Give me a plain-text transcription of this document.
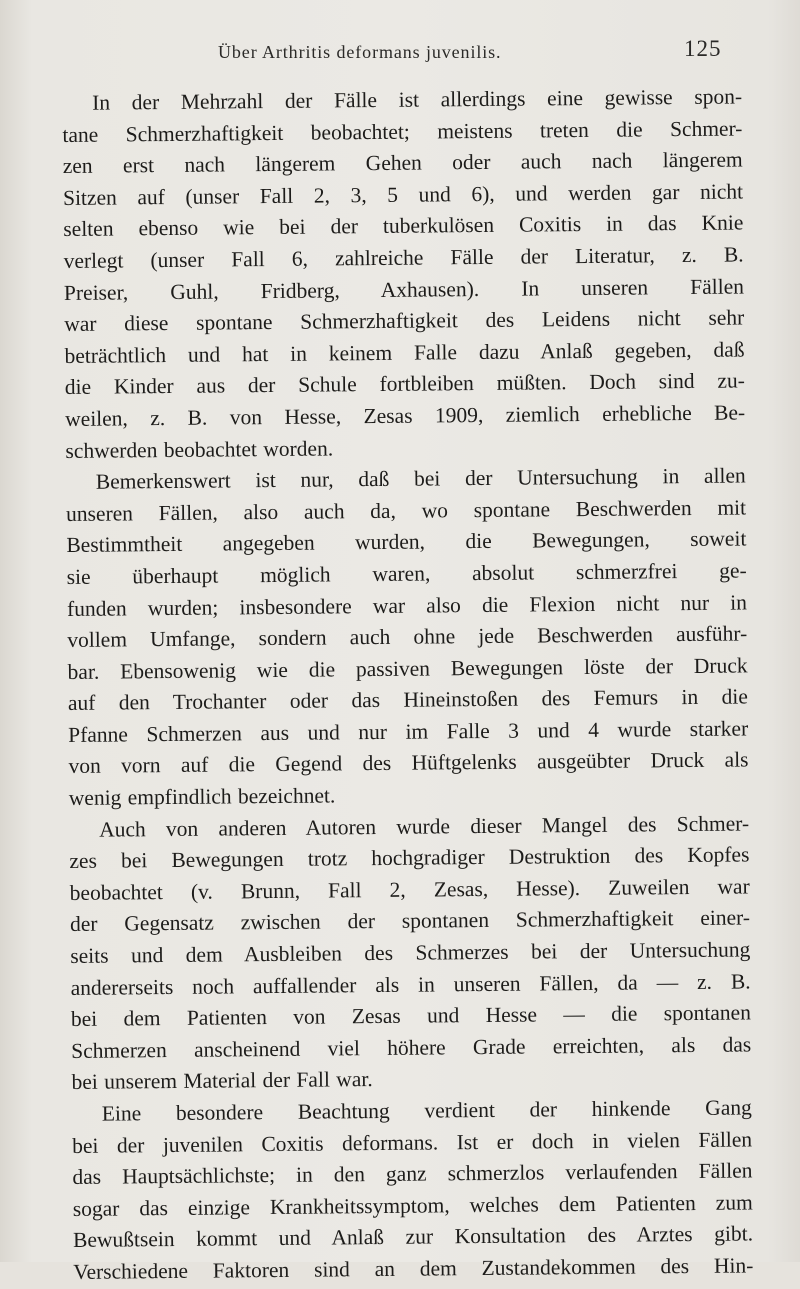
Über Arthritis deformans juvenilis.	125
In der Mehrzahl der Fälle ist allerdings eine gewisse spon-
tane Schmerzhaftigkeit beobachtet; meistens treten die Schmer-
zen erst nach längerem Gehen oder auch nach längerem
Sitzen auf (unser Fall 2, 3, 5 und 6), und werden gar nicht
selten ebenso wie bei der tuberkulösen Coxitis in das Knie
verlegt (unser Fall 6, zahlreiche Fälle der Literatur, z. B.
Preiser, Guhl, Fridberg, Axhausen). In unseren Fällen
war diese spontane Schmerzhaftigkeit des Leidens nicht sehr
beträchtlich und hat in keinem Falle dazu Anlaß gegeben, daß
die Kinder aus der Schule fortbleiben müßten. Doch sind zu-
weilen, z. B. von Hesse, Zesas 1909, ziemlich erhebliche Be-
schwerden beobachtet worden.
Bemerkenswert ist nur, daß bei der Untersuchung in allen
unseren Fällen, also auch da, wo spontane Beschwerden mit
Bestimmtheit angegeben wurden, die Bewegungen, soweit
sie überhaupt möglich waren, absolut schmerzfrei ge-
funden wurden; insbesondere war also die Flexion nicht nur in
vollem Umfange, sondern auch ohne jede Beschwerden ausführ-
bar. Ebensowenig wie die passiven Bewegungen löste der Druck
auf den Trochanter oder das Hineinstoßen des Femurs in die
Pfanne Schmerzen aus und nur im Falle 3 und 4 wurde starker
von vorn auf die Gegend des Hüftgelenks ausgeübter Druck als
wenig empfindlich bezeichnet.
Auch von anderen Autoren wurde dieser Mangel des Schmer-
zes bei Bewegungen trotz hochgradiger Destruktion des Kopfes
beobachtet (v. Brunn, Fall 2, Zesas, Hesse). Zuweilen war
der Gegensatz zwischen der spontanen Schmerzhaftigkeit einer-
seits und dem Ausbleiben des Schmerzes bei der Untersuchung
andererseits noch auffallender als in unseren Fällen, da — z. B.
bei dem Patienten von Zesas und Hesse — die spontanen
Schmerzen anscheinend viel höhere Grade erreichten, als das
bei unserem Material der Fall war.
Eine besondere Beachtung verdient der hinkende Gang
bei der juvenilen Coxitis deformans. Ist er doch in vielen Fällen
das Hauptsächlichste; in den ganz schmerzlos verlaufenden Fällen
sogar das einzige Krankheitssymptom, welches dem Patienten zum
Bewußtsein kommt und Anlaß zur Konsultation des Arztes gibt.
Verschiedene Faktoren sind an dem Zustandekommen des Hin-
